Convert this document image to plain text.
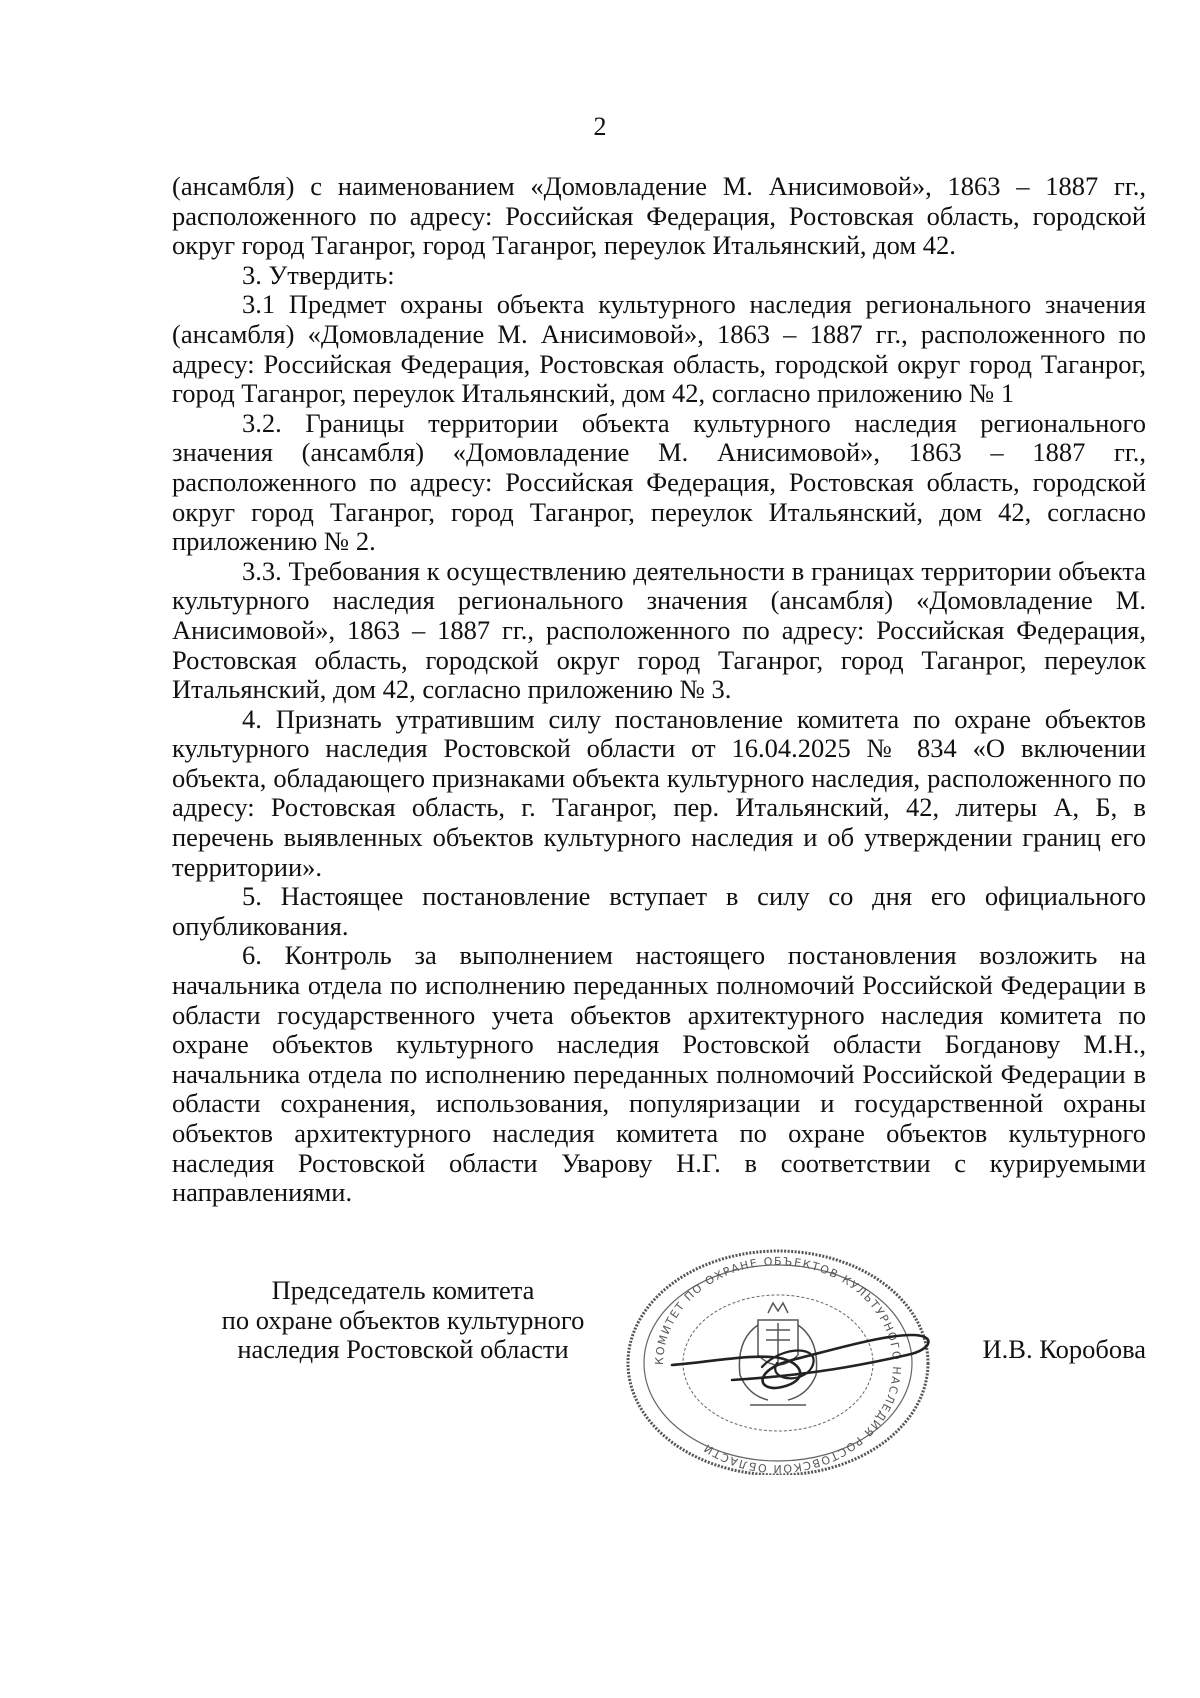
2

(ансамбля) с наименованием «Домовладение М. Анисимовой», 1863 – 1887 гг., расположенного по адресу: Российская Федерация, Ростовская область, городской округ город Таганрог, город Таганрог, переулок Итальянский, дом 42.

3. Утвердить:

3.1 Предмет охраны объекта культурного наследия регионального значения (ансамбля) «Домовладение М. Анисимовой», 1863 – 1887 гг., расположенного по адресу: Российская Федерация, Ростовская область, городской округ город Таганрог, город Таганрог, переулок Итальянский, дом 42, согласно приложению № 1

3.2. Границы территории объекта культурного наследия регионального значения (ансамбля) «Домовладение М. Анисимовой», 1863 – 1887 гг., расположенного по адресу: Российская Федерация, Ростовская область, городской округ город Таганрог, город Таганрог, переулок Итальянский, дом 42, согласно приложению № 2.

3.3. Требования к осуществлению деятельности в границах территории объекта культурного наследия регионального значения (ансамбля) «Домовладение М. Анисимовой», 1863 – 1887 гг., расположенного по адресу: Российская Федерация, Ростовская область, городской округ город Таганрог, город Таганрог, переулок Итальянский, дом 42, согласно приложению № 3.

4. Признать утратившим силу постановление комитета по охране объектов культурного наследия Ростовской области от 16.04.2025 № 834 «О включении объекта, обладающего признаками объекта культурного наследия, расположенного по адресу: Ростовская область, г. Таганрог, пер. Итальянский, 42, литеры А, Б, в перечень выявленных объектов культурного наследия и об утверждении границ его территории».

5. Настоящее постановление вступает в силу со дня его официального опубликования.

6. Контроль за выполнением настоящего постановления возложить на начальника отдела по исполнению переданных полномочий Российской Федерации в области государственного учета объектов архитектурного наследия комитета по охране объектов культурного наследия Ростовской области Богданову М.Н., начальника отдела по исполнению переданных полномочий Российской Федерации в области сохранения, использования, популяризации и государственной охраны объектов архитектурного наследия комитета по охране объектов культурного наследия Ростовской области Уварову Н.Г. в соответствии с курируемыми направлениями.

Председатель комитета
по охране объектов культурного
наследия Ростовской области	И.В. Коробова
КОМИТЕТ ПО ОХРАНЕ ОБЪЕКТОВ КУЛЬТУРНОГО НАСЛЕДИЯ РОСТОВСКОЙ ОБЛАСТИ
